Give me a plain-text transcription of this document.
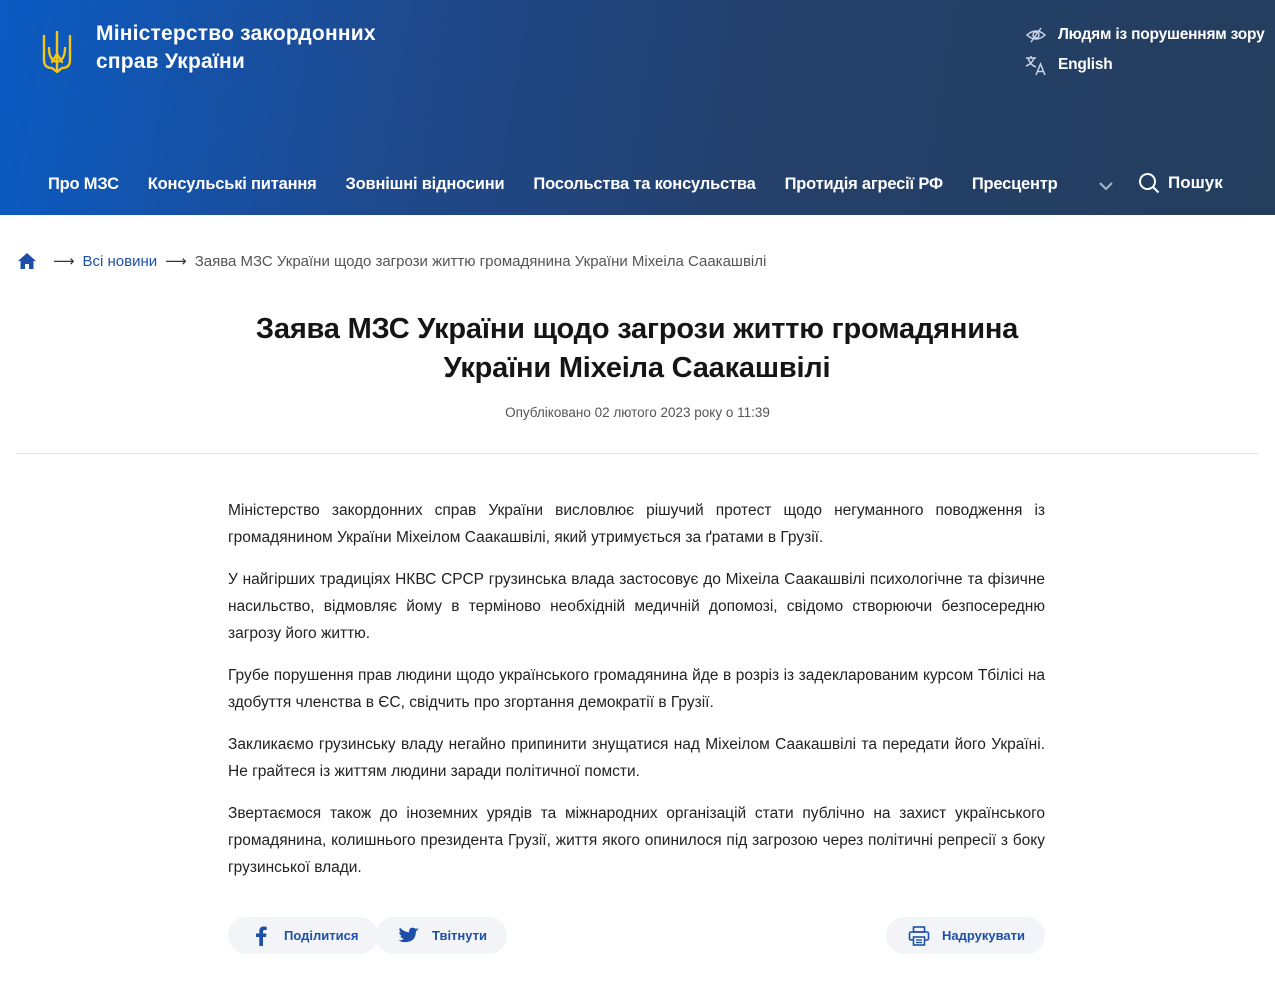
Міністерство закордонних
справ України
Людям із порушенням зору
English
Про МЗС Консульські питання Зовнішні відносини Посольства та консульства Протидія агресії РФ Пресцентр	Пошук
⟶ Всі новини ⟶ Заява МЗС України щодо загрози життю громадянина України Міхеіла Саакашвілі
Заява МЗС України щодо загрози життю громадянина
України Міхеіла Саакашвілі
Опубліковано 02 лютого 2023 року о 11:39

Міністерство закордонних справ України висловлює рішучий протест щодо негуманного поводження із громадянином України Міхеілом Саакашвілі, який утримується за ґратами в Грузії.

У найгірших традиціях НКВС СРСР грузинська влада застосовує до Міхеіла Саакашвілі психологічне та фізичне насильство, відмовляє йому в терміново необхідній медичній допомозі, свідомо створюючи безпосередню загрозу його життю.

Грубе порушення прав людини щодо українського громадянина йде в розріз із задекларованим курсом Тбілісі на здобуття членства в ЄС, свідчить про згортання демократії в Грузії.

Закликаємо грузинську владу негайно припинити знущатися над Міхеілом Саакашвілі та передати його Україні. Не грайтеся із життям людини заради політичної помсти.

Звертаємося також до іноземних урядів та міжнародних організацій стати публічно на захист українського громадянина, колишнього президента Грузії, життя якого опинилося під загрозою через політичні репресії з боку грузинської влади.

Поділитися	Твітнути	Надрукувати
